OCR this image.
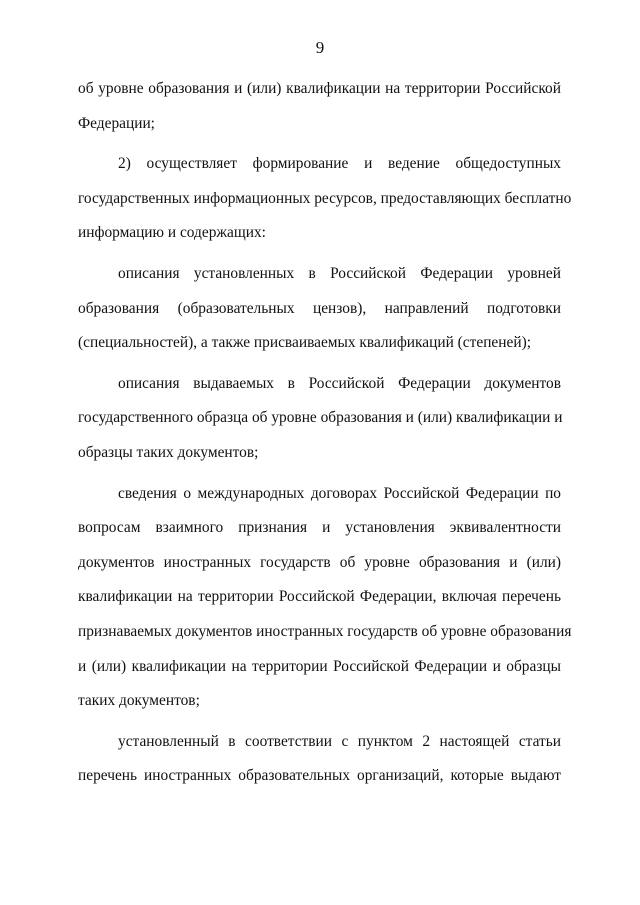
9
об уровне образования и (или) квалификации на территории Российской
Федерации;
2) осуществляет формирование и ведение общедоступных
государственных информационных ресурсов, предоставляющих бесплатно
информацию и содержащих:
описания установленных в Российской Федерации уровней
образования (образовательных цензов), направлений подготовки
(специальностей), а также присваиваемых квалификаций (степеней);
описания выдаваемых в Российской Федерации документов
государственного образца об уровне образования и (или) квалификации и
образцы таких документов;
сведения о международных договорах Российской Федерации по
вопросам взаимного признания и установления эквивалентности
документов иностранных государств об уровне образования и (или)
квалификации на территории Российской Федерации, включая перечень
признаваемых документов иностранных государств об уровне образования
и (или) квалификации на территории Российской Федерации и образцы
таких документов;
установленный в соответствии с пунктом 2 настоящей статьи
перечень иностранных образовательных организаций, которые выдают
